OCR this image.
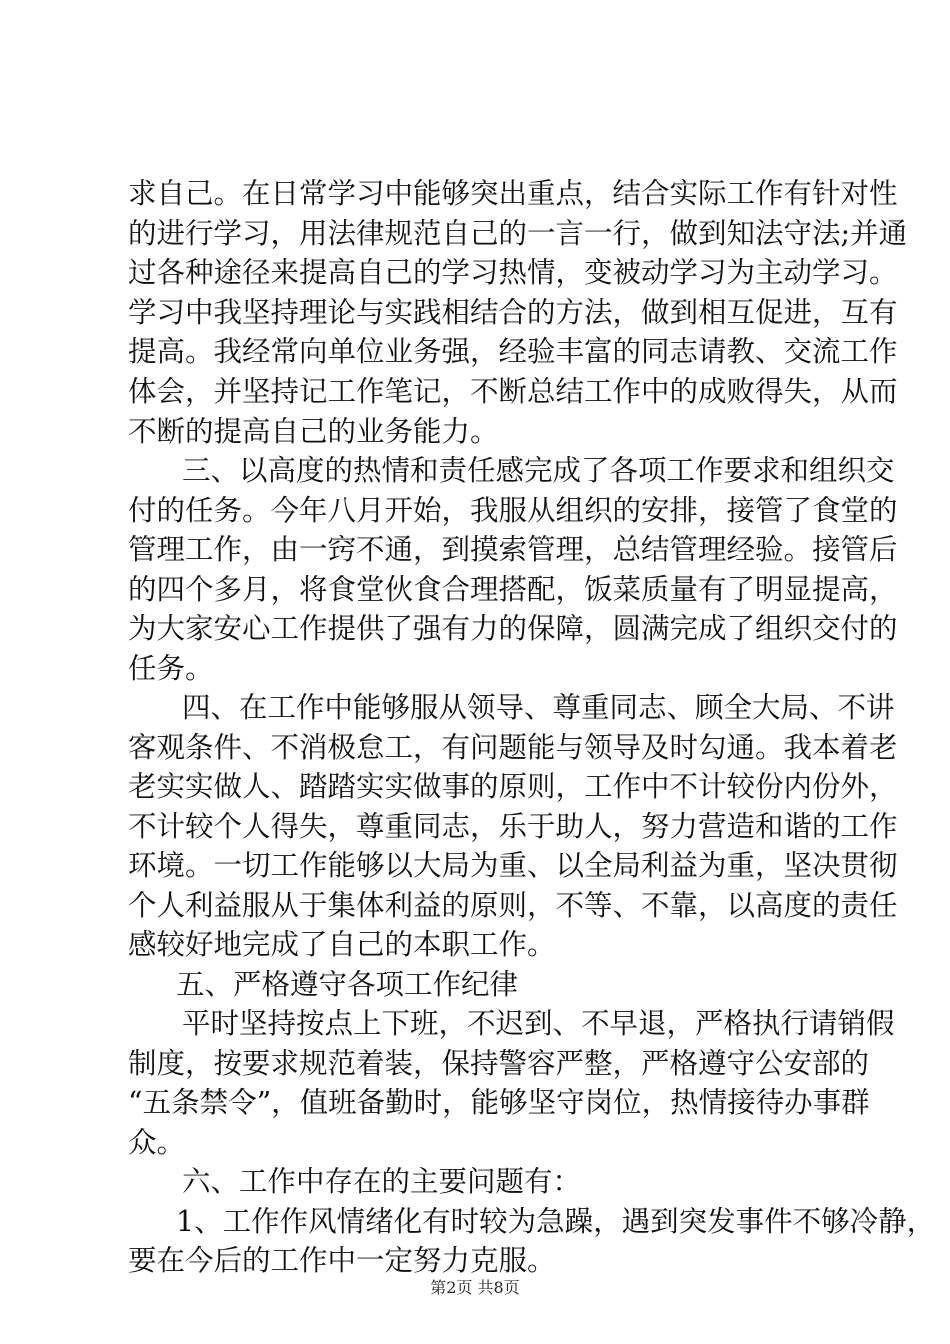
求自己。在日常学习中能够突出重点，结合实际工作有针对性
的进行学习，用法律规范自己的一言一行，做到知法守法;并通
过各种途径来提高自己的学习热情，变被动学习为主动学习。
学习中我坚持理论与实践相结合的方法，做到相互促进，互有
提高。我经常向单位业务强，经验丰富的同志请教、交流工作
体会，并坚持记工作笔记，不断总结工作中的成败得失，从而
不断的提高自己的业务能力。
三、以高度的热情和责任感完成了各项工作要求和组织交
付的任务。今年八月开始，我服从组织的安排，接管了食堂的
管理工作，由一窍不通，到摸索管理，总结管理经验。接管后
的四个多月，将食堂伙食合理搭配，饭菜质量有了明显提高，
为大家安心工作提供了强有力的保障，圆满完成了组织交付的
任务。
四、在工作中能够服从领导、尊重同志、顾全大局、不讲
客观条件、不消极怠工，有问题能与领导及时勾通。我本着老
老实实做人、踏踏实实做事的原则，工作中不计较份内份外，
不计较个人得失，尊重同志，乐于助人，努力营造和谐的工作
环境。一切工作能够以大局为重、以全局利益为重，坚决贯彻
个人利益服从于集体利益的原则，不等、不靠，以高度的责任
感较好地完成了自己的本职工作。
五、严格遵守各项工作纪律
平时坚持按点上下班，不迟到、不早退，严格执行请销假
制度，按要求规范着装，保持警容严整，严格遵守公安部的
“五条禁令”，值班备勤时，能够坚守岗位，热情接待办事群
众。
六、工作中存在的主要问题有：
1、工作作风情绪化有时较为急躁，遇到突发事件不够冷静，
要在今后的工作中一定努力克服。
第2页 共8页
